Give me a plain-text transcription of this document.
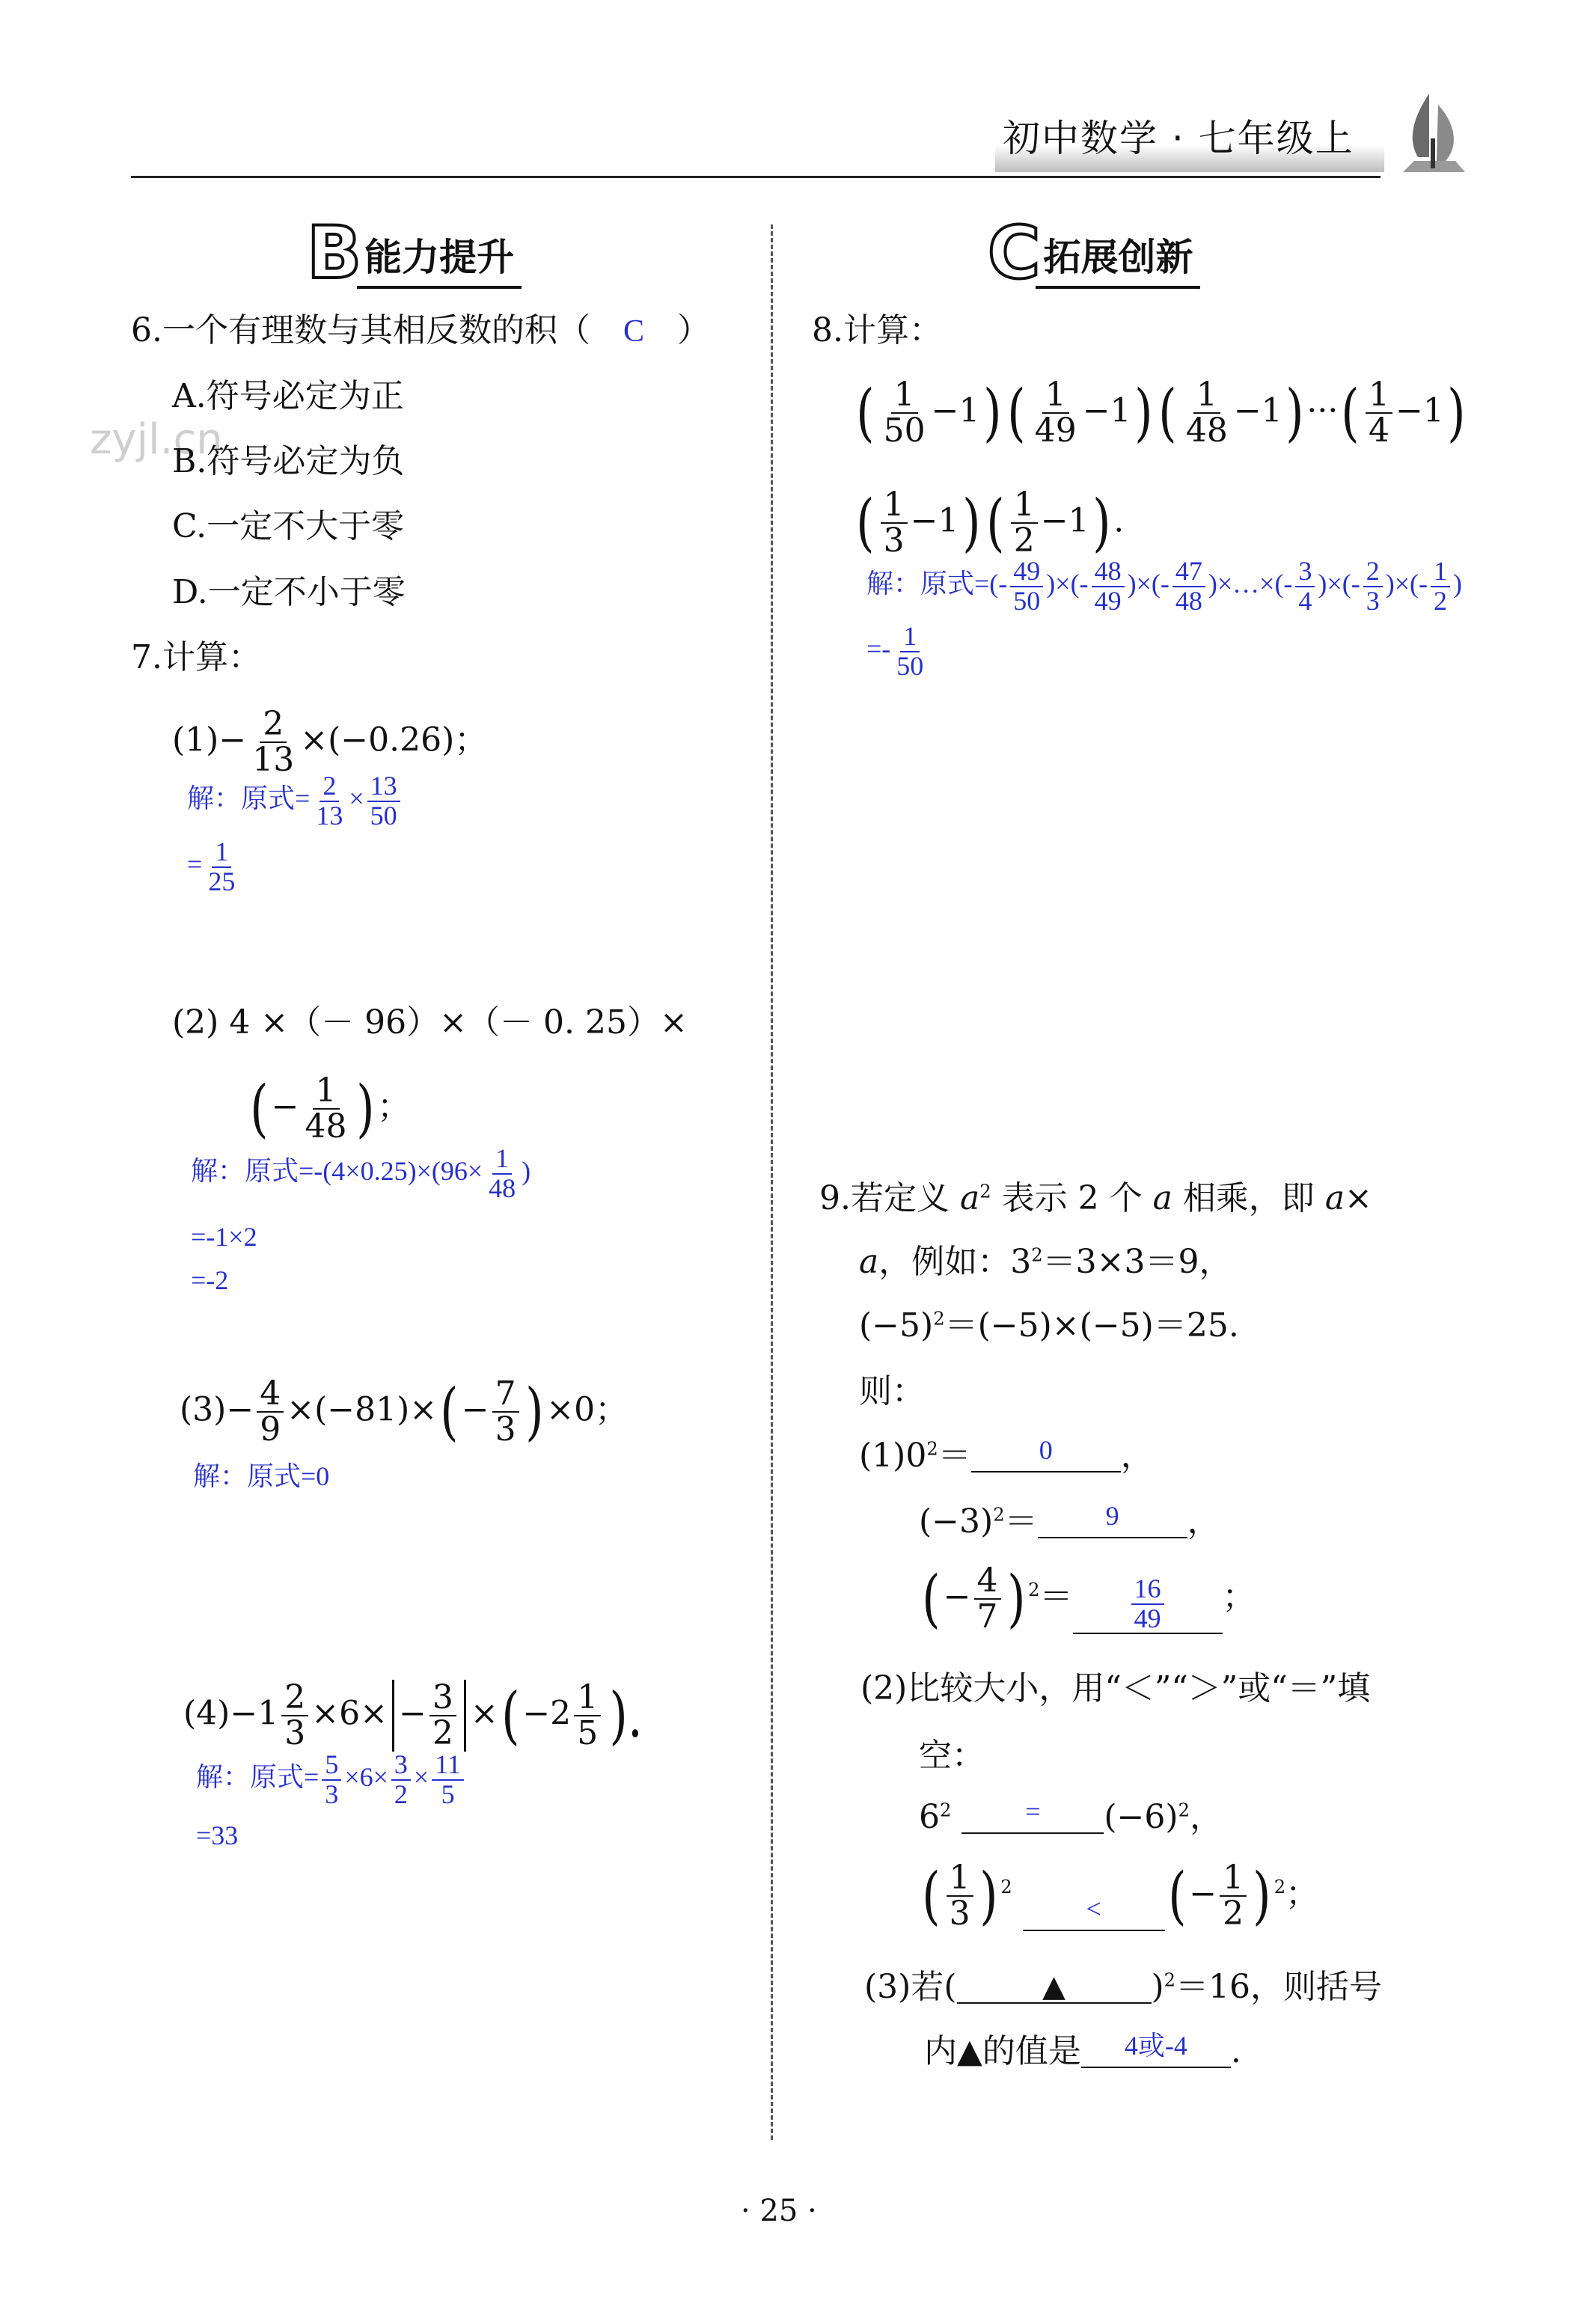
初中数学 · 七年级上
B 能力提升	C 拓展创新
zyjl.cn
6.一个有理数与其相反数的积（ C ）
A.符号必定为正
B.符号必定为负
C.一定不大于零
D.一定不小于零
7.计算：
$(1)- \frac{2}{13} \times(-0.26)$；
解：原式= $\frac{2}{13} \times \frac{13}{50}$
= $\frac{1}{25}$
(2) 4 ×（－ 96）×（－ 0. 25）×
(− $\frac{1}{48}$ )；
解：原式$=-(4\times 0.25)\times(96\times \frac{1}{48}$ )
=-1×2
=-2
$(3)- \frac{4}{9} \times(-81)\times(- \frac{7}{3} )\times 0$；
解：原式=0
$(4)-1 \frac{2}{3} \times 6\times - \frac{3}{2} \times(-2 \frac{1}{5}$ ).
解：原式= $\frac{5}{3} \times 6\times \frac{3}{2} \times \frac{11}{5}$
=33
8.计算：
( $\frac{1}{50} -1)( \frac{1}{49} -1)( \frac{1}{48} -1)\cdot\cdot\cdot( \frac{1}{4} -1)$
( $\frac{1}{3} -1)( \frac{1}{2} -1)$.
解：原式=(- $\frac{49}{50}$ )×(- $\frac{48}{49}$ )×(- $\frac{47}{48}$ )×…×(- $\frac{3}{4}$ )×(- $\frac{2}{3}$ )×(- $\frac{1}{2}$ )
=- $\frac{1}{50}$
9.若定义 $a^2$ 表示 2 个 a 相乘，即 a×
a，例如：$3^2=3\times 3=9$，
$(-5)^2=(-5)\times(-5)=25$.
则：
$(1)0^2=$	0 ，
$(-3)^2=$	9 ，
(− $\frac{4}{7}$ ) $^2= \frac{16}{49}$ ；
(2)比较大小，用“＜”“＞”或“＝”填
空：
$6^2$	= $(-6)^2$，
( $\frac{1}{3}$ ) $^2$ < (− $\frac{1}{2}$ ) $^2$；
(3)若(	▲	)$^2$＝16，则括号
内▲的值是 4或-4 .
· 25 ·
